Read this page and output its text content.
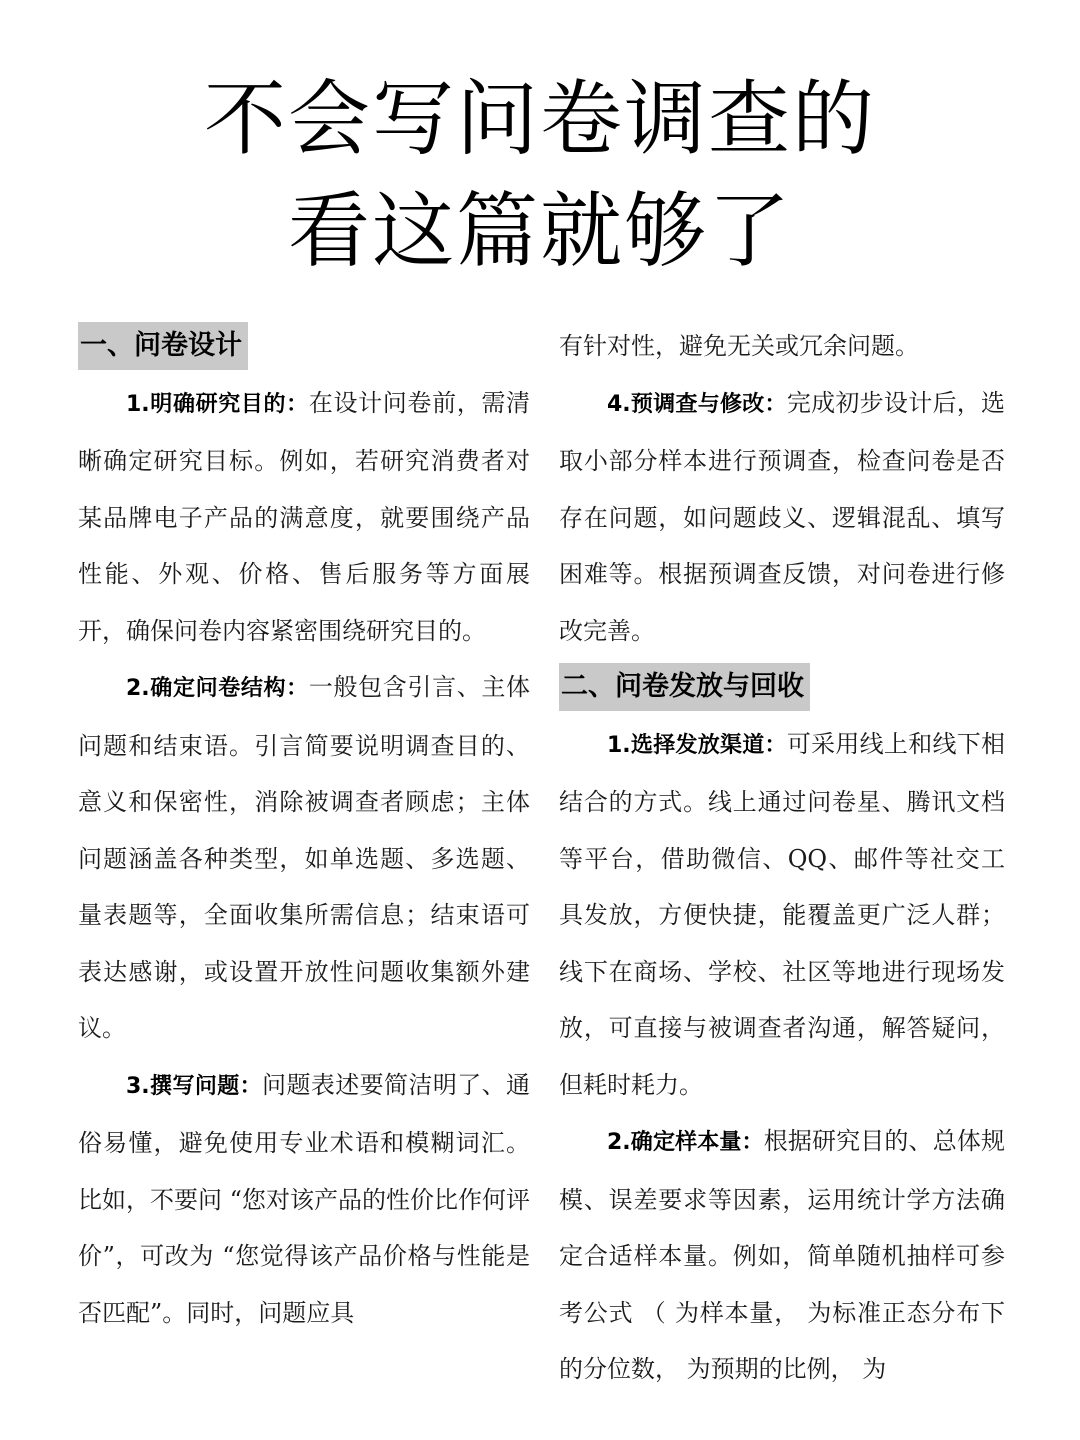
不会写问卷调查的
看这篇就够了
一、问卷设计

1.明确研究目的：在设计问卷前，需清晰确定研究目标。例如，若研究消费者对某品牌电子产品的满意度，就要围绕产品性能、外观、价格、售后服务等方面展开，确保问卷内容紧密围绕研究目的。

2.确定问卷结构：一般包含引言、主体问题和结束语。引言简要说明调查目的、意义和保密性，消除被调查者顾虑；主体问题涵盖各种类型，如单选题、多选题、量表题等，全面收集所需信息；结束语可表达感谢，或设置开放性问题收集额外建议。

3.撰写问题：问题表述要简洁明了、通俗易懂，避免使用专业术语和模糊词汇。比如，不要问 “您对该产品的性价比作何评价”，可改为 “您觉得该产品价格与性能是否匹配”。同时，问题应具

有针对性，避免无关或冗余问题。

4.预调查与修改：完成初步设计后，选取小部分样本进行预调查，检查问卷是否存在问题，如问题歧义、逻辑混乱、填写困难等。根据预调查反馈，对问卷进行修改完善。

二、问卷发放与回收

1.选择发放渠道：可采用线上和线下相结合的方式。线上通过问卷星、腾讯文档等平台，借助微信、QQ、邮件等社交工具发放，方便快捷，能覆盖更广泛人群；线下在商场、学校、社区等地进行现场发放，可直接与被调查者沟通，解答疑问，但耗时耗力。

2.确定样本量：根据研究目的、总体规模、误差要求等因素，运用统计学方法确定合适样本量。例如，简单随机抽样可参考公式 （ 为样本量， 为标准正态分布下的分位数， 为预期的比例， 为
